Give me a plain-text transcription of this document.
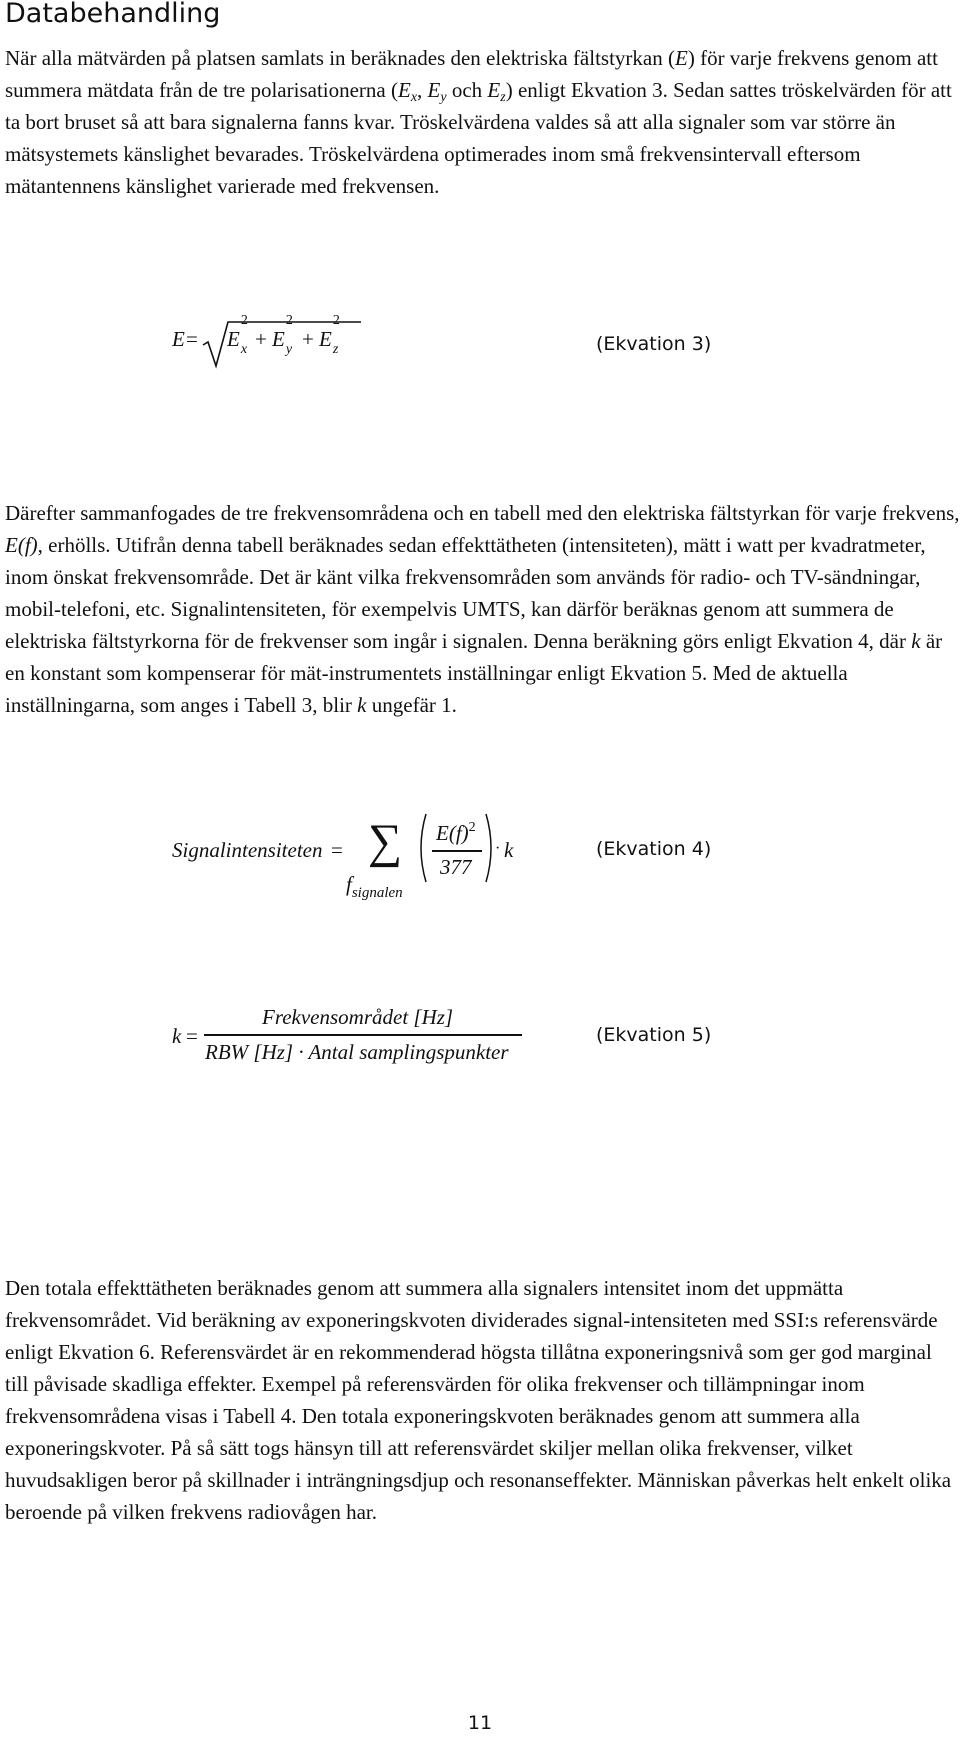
Databehandling

När alla mätvärden på platsen samlats in beräknades den elektriska fältstyrkan (E) för varje frekvens genom att summera mätdata från de tre polarisationerna ($E_x$, $E_y$ och $E_z$) enligt Ekvation 3. Sedan sattes tröskelvärden för att ta bort bruset så att bara signalerna fanns kvar. Tröskelvärdena valdes så att alla signaler som var större än mätsystemets känslighet bevarades. Tröskelvärdena optimerades inom små frekvensintervall eftersom mätantennens känslighet varierade med frekvensen.

E = E
2
x + E
2
y + E
2
z	(Ekvation 3)

Därefter sammanfogades de tre frekvensområdena och en tabell med den elektriska fältstyrkan för varje frekvens, E(f), erhölls. Utifrån denna tabell beräknades sedan effekttätheten (intensiteten), mätt i watt per kvadratmeter, inom önskat frekvensområde. Det är känt vilka frekvensområden som används för radio- och TV-sändningar, mobil-telefoni, etc. Signalintensiteten, för exempelvis UMTS, kan därför beräknas genom att summera de elektriska fältstyrkorna för de frekvenser som ingår i signalen. Denna beräkning görs enligt Ekvation 4, där k är en konstant som kompenserar för mät-instrumentets inställningar enligt Ekvation 5. Med de aktuella inställningarna, som anges i Tabell 3, blir k ungefär 1.

Signalintensiteten = ∑
$f_{signalen}$
$E(f)^2$
377
· k	(Ekvation 4)
k =
Frekvensområdet [Hz]
RBW [Hz] · Antal samplingspunkter
(Ekvation 5)

Den totala effekttätheten beräknades genom att summera alla signalers intensitet inom det uppmätta frekvensområdet. Vid beräkning av exponeringskvoten dividerades signal-intensiteten med SSI:s referensvärde enligt Ekvation 6. Referensvärdet är en rekommenderad högsta tillåtna exponeringsnivå som ger god marginal till påvisade skadliga effekter. Exempel på referensvärden för olika frekvenser och tillämpningar inom frekvensområdena visas i Tabell 4. Den totala exponeringskvoten beräknades genom att summera alla exponeringskvoter. På så sätt togs hänsyn till att referensvärdet skiljer mellan olika frekvenser, vilket huvudsakligen beror på skillnader i inträngningsdjup och resonanseffekter. Människan påverkas helt enkelt olika beroende på vilken frekvens radiovågen har.

11
